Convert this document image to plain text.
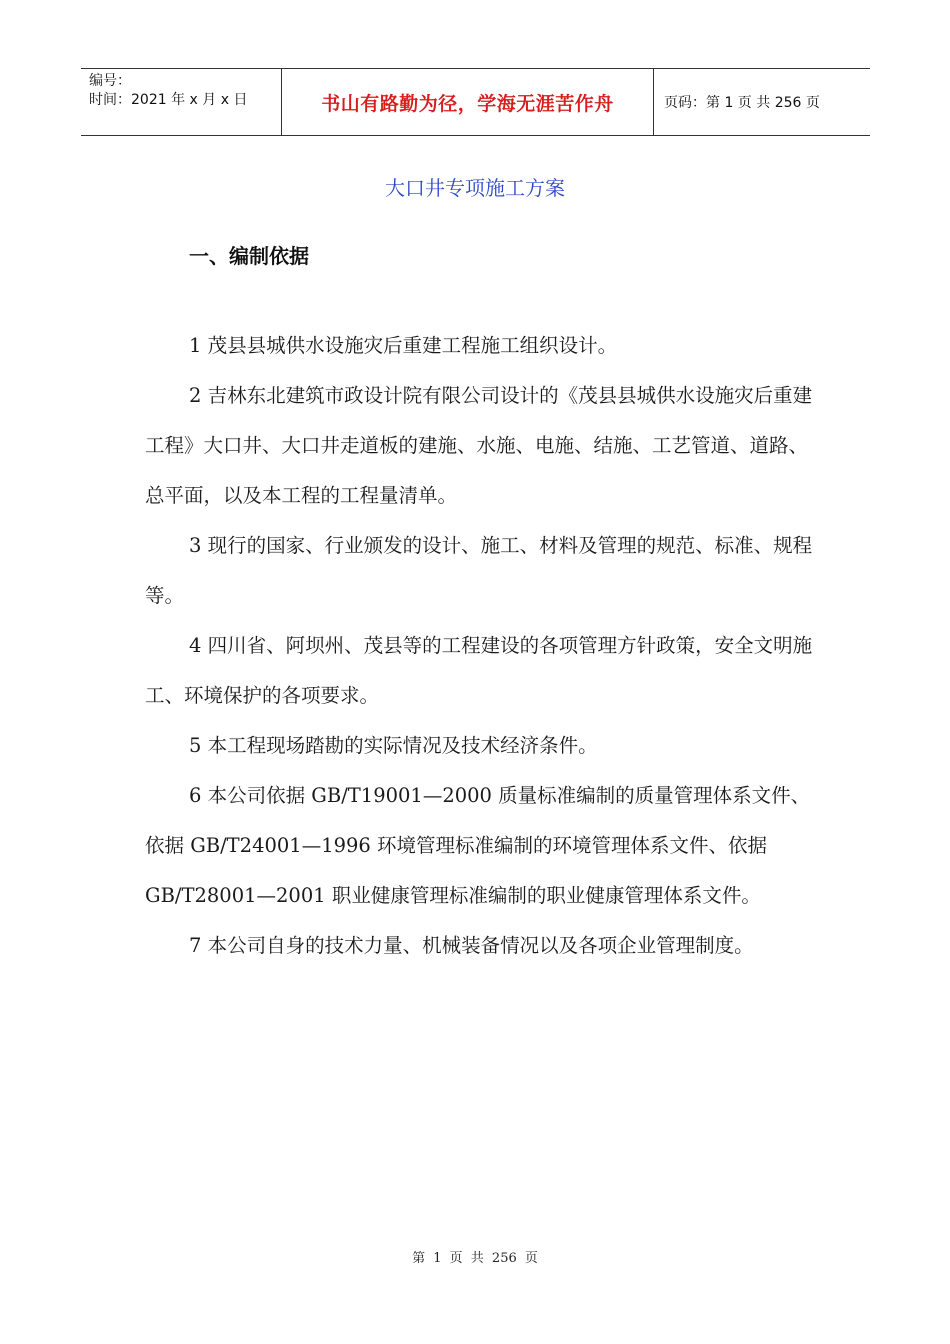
编号：
时间：2021 年 x 月 x 日	书山有路勤为径，学海无涯苦作舟	页码：第 1 页 共 256 页
大口井专项施工方案
一、编制依据

1 茂县县城供水设施灾后重建工程施工组织设计。

2 吉林东北建筑市政设计院有限公司设计的《茂县县城供水设施灾后重建工程》大口井、大口井走道板的建施、水施、电施、结施、工艺管道、道路、总平面，以及本工程的工程量清单。

3 现行的国家、行业颁发的设计、施工、材料及管理的规范、标准、规程等。

4 四川省、阿坝州、茂县等的工程建设的各项管理方针政策，安全文明施工、环境保护的各项要求。

5 本工程现场踏勘的实际情况及技术经济条件。

6 本公司依据 GB/T19001—2000 质量标准编制的质量管理体系文件、依据 GB/T24001—1996 环境管理标准编制的环境管理体系文件、依据 GB/T28001—2001 职业健康管理标准编制的职业健康管理体系文件。

7 本公司自身的技术力量、机械装备情况以及各项企业管理制度。

第 1 页 共 256 页
